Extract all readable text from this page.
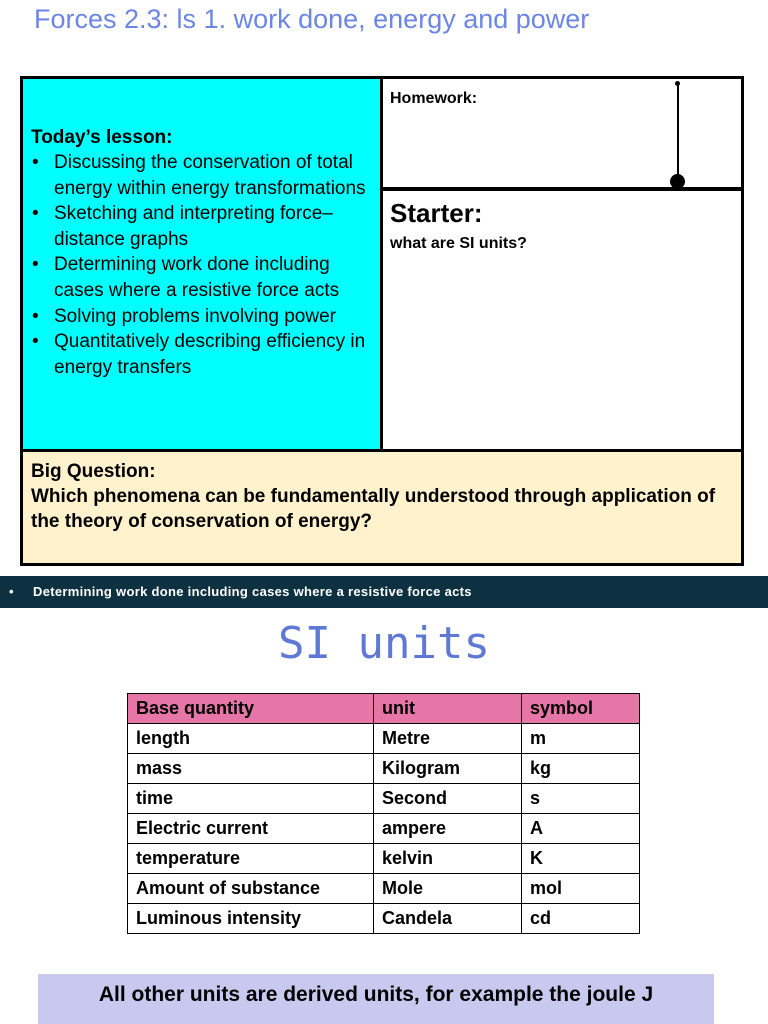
Forces 2.3: ls 1. work done, energy and power
Today’s lesson:
• Discussing the conservation of total energy within energy transformations
• Sketching and interpreting force–distance graphs
• Determining work done including cases where a resistive force acts
• Solving problems involving power
• Quantitatively describing efficiency in energy transfers
Homework:
Starter:
what are SI units?
Big Question:
Which phenomena can be fundamentally understood through application of the theory of conservation of energy?
• Determining work done including cases where a resistive force acts
SI units
Base quantity	unit	symbol
length	Metre	m
mass	Kilogram	kg
time	Second	s
Electric current	ampere	A
temperature	kelvin	K
Amount of substance	Mole	mol
Luminous intensity	Candela	cd
All other units are derived units, for example the joule J
